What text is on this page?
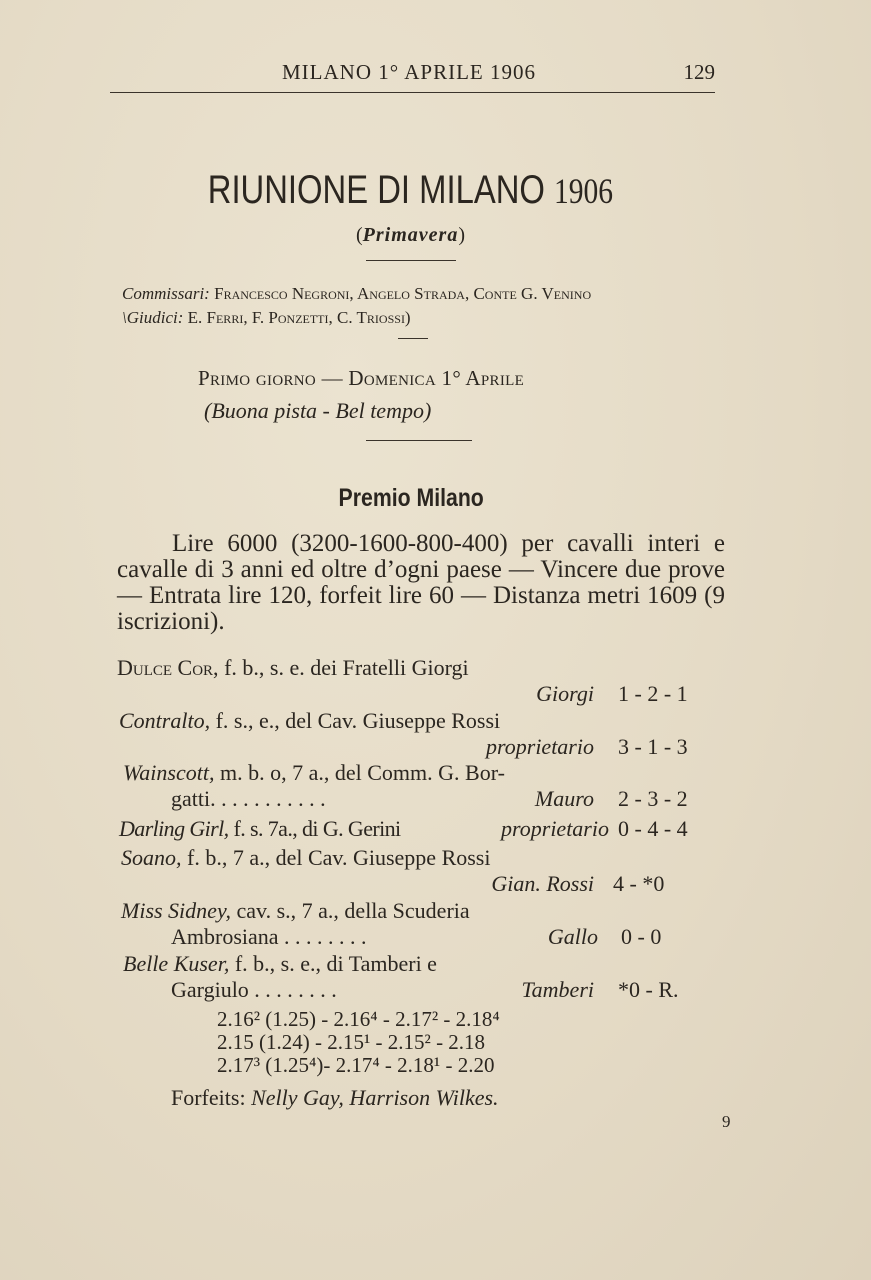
MILANO 1° APRILE 1906	129
RIUNIONE DI MILANO 1906
(Primavera)
Commissari: Francesco Negroni, Angelo Strada, Conte G. Venino
\Giudici: E. Ferri, F. Ponzetti, C. Triossi)
Primo giorno — Domenica 1° Aprile
(Buona pista - Bel tempo)
Premio Milano
Lire 6000 (3200-1600-800-400) per cavalli interi e cavalle di 3 anni ed oltre d’ogni paese — Vincere due prove — Entrata lire 120, forfeit lire 60 — Distanza metri 1609 (9 iscrizioni).
Dulce Cor, f. b., s. e. dei Fratelli Giorgi
Giorgi 1 - 2 - 1
Contralto, f. s., e., del Cav. Giuseppe Rossi
proprietario 3 - 1 - 3
Wainscott, m. b. o, 7 a., del Comm. G. Bor-
gatti. . . . . . . . . . .	Mauro 2 - 3 - 2
Darling Girl, f. s. 7a., di G. Gerini	proprietario 0 - 4 - 4
Soano, f. b., 7 a., del Cav. Giuseppe Rossi
Gian. Rossi 4 - *0
Miss Sidney, cav. s., 7 a., della Scuderia
Ambrosiana . . . . . . . .	Gallo 0 - 0
Belle Kuser, f. b., s. e., di Tamberi e
Gargiulo . . . . . . . .	Tamberi *0 - R.
2.16² (1.25) - 2.16⁴ - 2.17² - 2.18⁴
2.15 (1.24) - 2.15¹ - 2.15² - 2.18
2.17³ (1.25⁴)- 2.17⁴ - 2.18¹ - 2.20
Forfeits: Nelly Gay, Harrison Wilkes.
9
